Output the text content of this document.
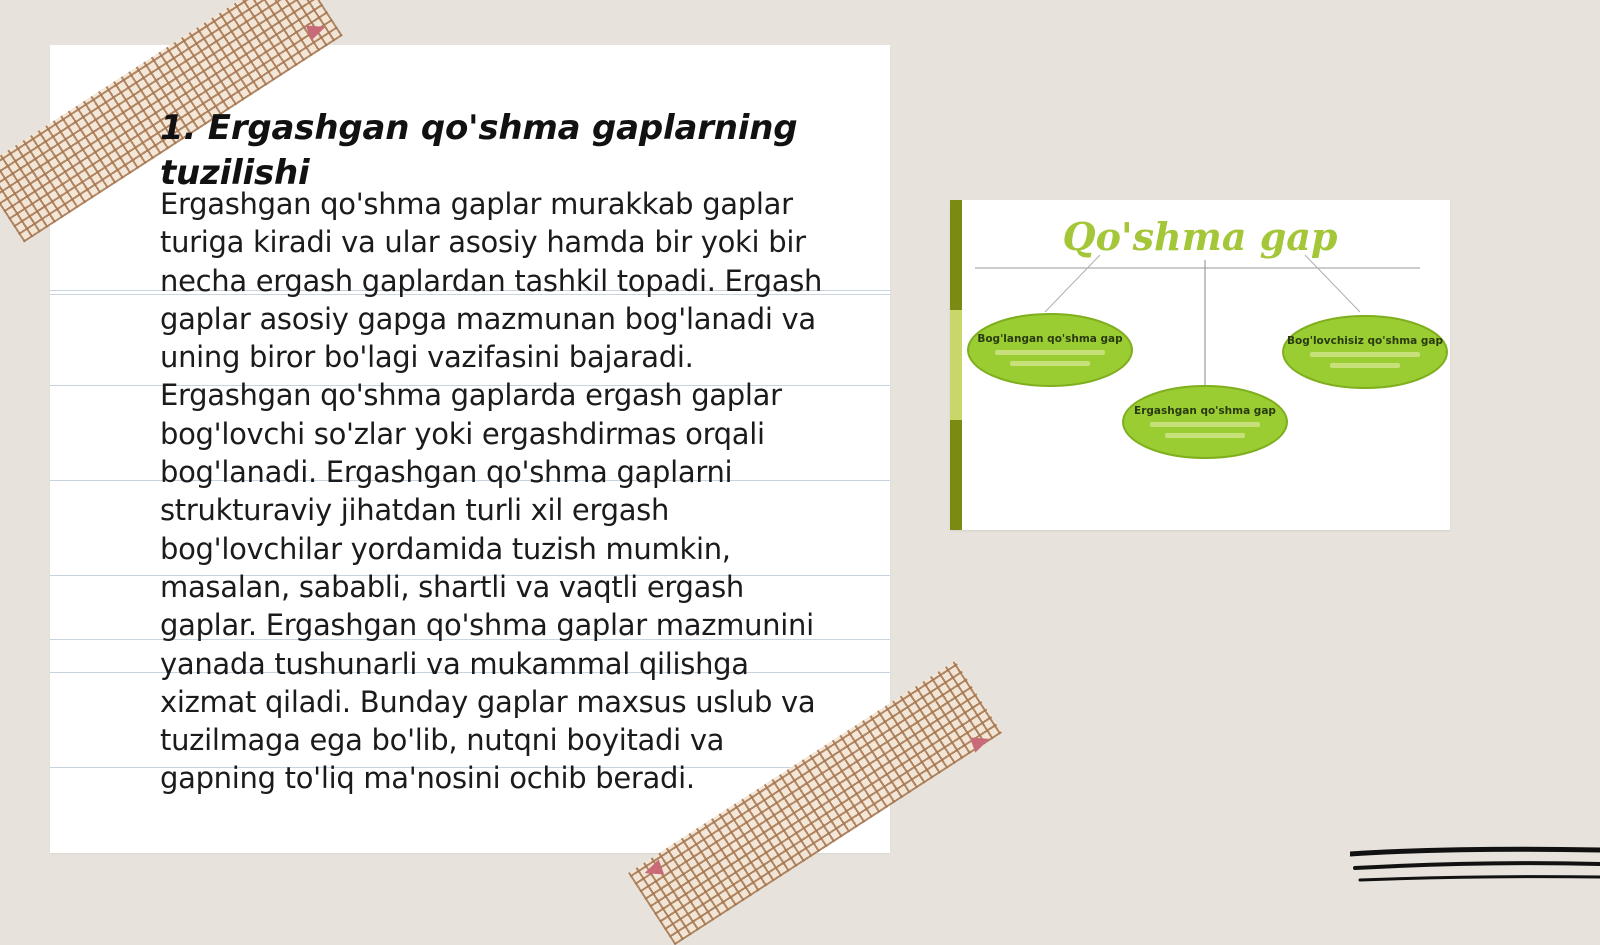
1. Ergashgan qo'shma gaplarning tuzilishi

Ergashgan qo'shma gaplar murakkab gaplar turiga kiradi va ular asosiy hamda bir yoki bir necha ergash gaplardan tashkil topadi. Ergash gaplar asosiy gapga mazmunan bog'lanadi va uning biror bo'lagi vazifasini bajaradi. Ergashgan qo'shma gaplarda ergash gaplar bog'lovchi so'zlar yoki ergashdirmas orqali bog'lanadi. Ergashgan qo'shma gaplarni strukturaviy jihatdan turli xil ergash bog'lovchilar yordamida tuzish mumkin, masalan, sababli, shartli va vaqtli ergash gaplar. Ergashgan qo'shma gaplar mazmunini yanada tushunarli va mukammal qilishga xizmat qiladi. Bunday gaplar maxsus uslub va tuzilmaga ega bo'lib, nutqni boyitadi va gapning to'liq ma'nosini ochib beradi.

Qo'shma gap
Bog'langan qo'shma gap
Ergashgan qo'shma gap
Bog'lovchisiz qo'shma gap
